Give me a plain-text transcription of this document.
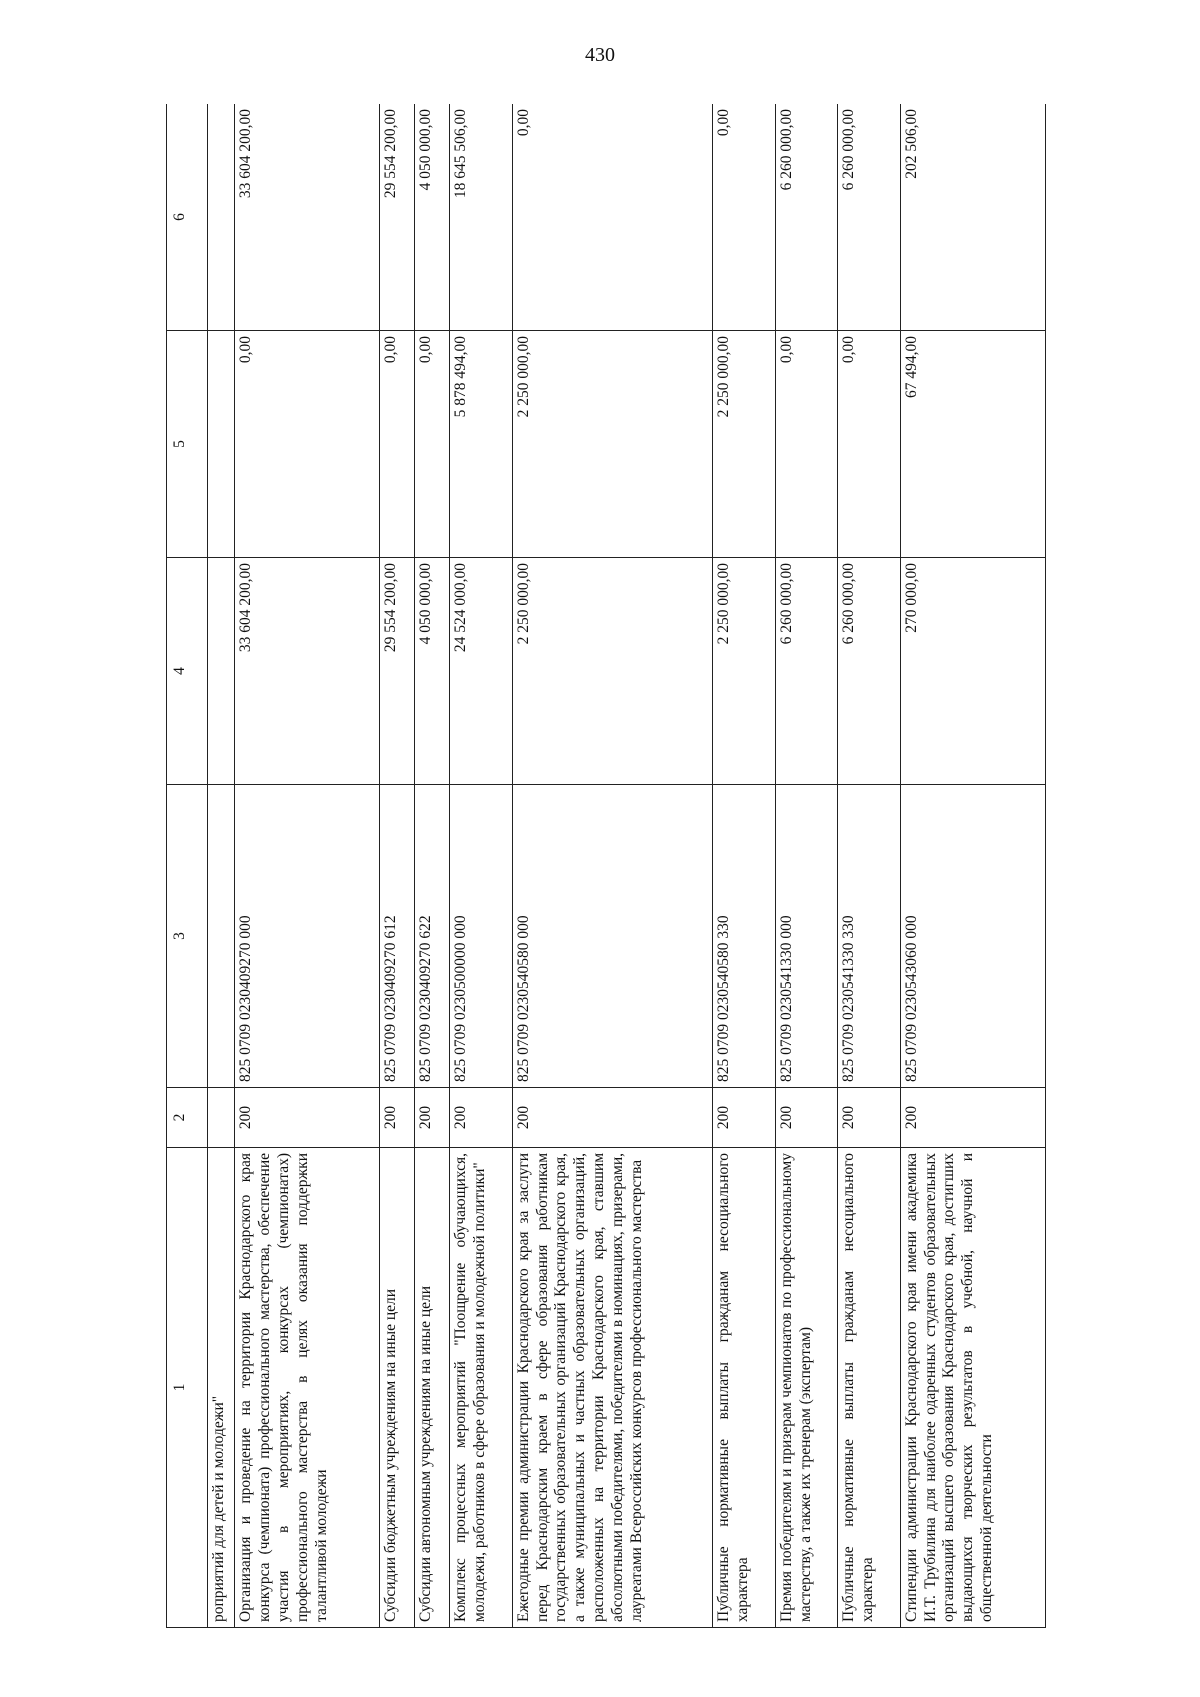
430
1	2	3	4	5	6
роприятий для детей и молодежи"					
Организация и проведение на территории Краснодарского края конкурса (чемпионата) профессионального мастерства, обеспечение участия в мероприятиях, конкурсах (чемпионатах) профессионального мастерства в целях оказания поддержки талантливой молодежи	200	825 0709 0230409270 000	33 604 200,00	0,00	33 604 200,00
Субсидии бюджетным учреждениям на иные цели	200	825 0709 0230409270 612	29 554 200,00	0,00	29 554 200,00
Субсидии автономным учреждениям на иные цели	200	825 0709 0230409270 622	4 050 000,00	0,00	4 050 000,00
Комплекс процессных мероприятий "Поощрение обучающихся, молодежи, работников в сфере образования и молодежной политики"	200	825 0709 0230500000 000	24 524 000,00	5 878 494,00	18 645 506,00
Ежегодные премии администрации Краснодарского края за заслуги перед Краснодарским краем в сфере образования работникам государственных образовательных организаций Краснодарского края, а также муниципальных и частных образовательных организаций, расположенных на территории Краснодарского края, ставшим абсолютными победителями, победителями в номинациях, призерами, лауреатами Всероссийских конкурсов профессионального мастерства	200	825 0709 0230540580 000	2 250 000,00	2 250 000,00	0,00
Публичные нормативные выплаты гражданам несоциального характера	200	825 0709 0230540580 330	2 250 000,00	2 250 000,00	0,00
Премия победителям и призерам чемпионатов по профессиональному мастерству, а также их тренерам (экспертам)	200	825 0709 0230541330 000	6 260 000,00	0,00	6 260 000,00
Публичные нормативные выплаты гражданам несоциального характера	200	825 0709 0230541330 330	6 260 000,00	0,00	6 260 000,00
Стипендии администрации Краснодарского края имени академика И.Т. Трубилина для наиболее одаренных студентов образовательных организаций высшего образования Краснодарского края, достигших выдающихся творческих результатов в учебной, научной и общественной деятельности	200	825 0709 0230543060 000	270 000,00	67 494,00	202 506,00
